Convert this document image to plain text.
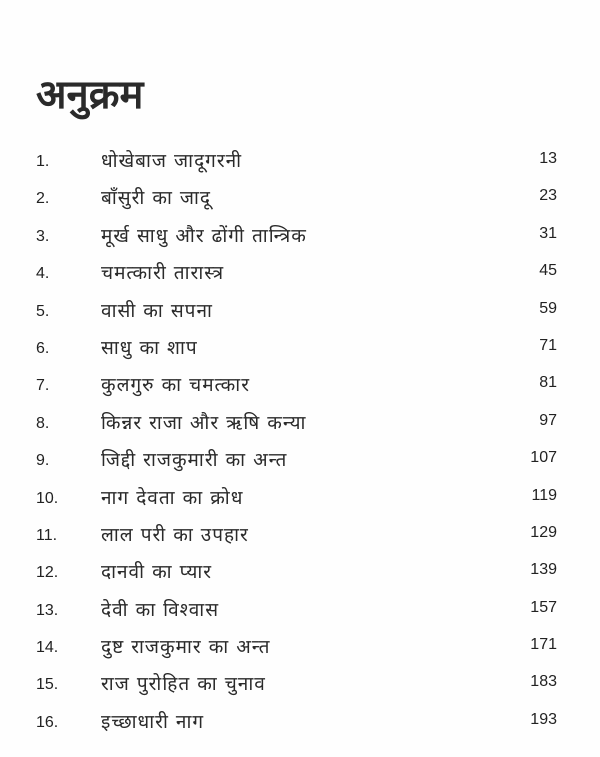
अनुक्रम
1.	धोखेबाज जादूगरनी	13
2.	बाँसुरी का जादू	23
3.	मूर्ख साधु और ढोंगी तान्त्रिक	31
4.	चमत्कारी तारास्त्र	45
5.	वासी का सपना	59
6.	साधु का शाप	71
7.	कुलगुरु का चमत्कार	81
8.	किन्नर राजा और ऋषि कन्या	97
9.	जिद्दी राजकुमारी का अन्त	107
10. नाग देवता का क्रोध	119
11. लाल परी का उपहार	129
12. दानवी का प्यार	139
13. देवी का विश्वास	157
14. दुष्ट राजकुमार का अन्त	171
15. राज पुरोहित का चुनाव	183
16. इच्छाधारी नाग	193
